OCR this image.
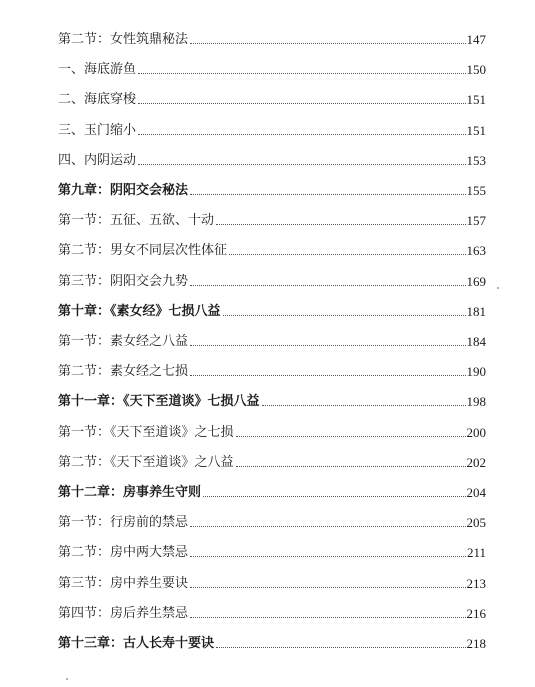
第二节：女性筑鼎秘法	147
一、海底游鱼	150
二、海底穿梭	151
三、玉门缩小	151
四、内阴运动	153
第九章：阴阳交会秘法	155
第一节：五征、五欲、十动	157
第二节：男女不同层次性体征	163
第三节：阴阳交会九势	169
第十章：《素女经》七损八益	181
第一节：素女经之八益	184
第二节：素女经之七损	190
第十一章：《天下至道谈》七损八益	198
第一节：《天下至道谈》之七损	200
第二节：《天下至道谈》之八益	202
第十二章：房事养生守则	204
第一节：行房前的禁忌	205
第二节：房中两大禁忌	211
第三节：房中养生要诀	213
第四节：房后养生禁忌	216
第十三章：古人长寿十要诀	218
